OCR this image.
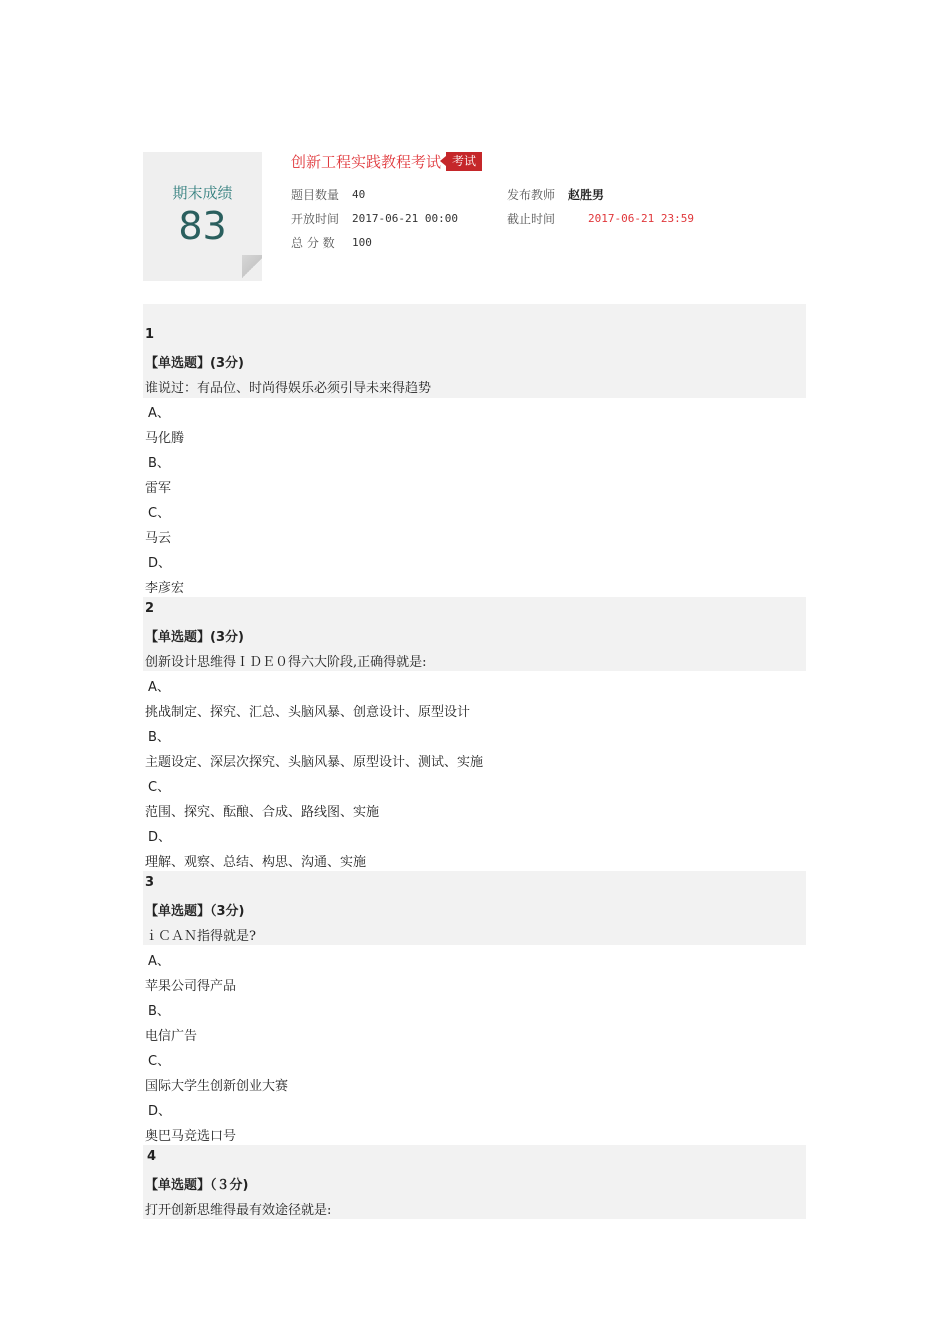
期末成绩
83
创新工程实践教程考试 考试
题目数量 40	发布教师 赵胜男
开放时间 2017-06-21 00:00	截止时间	2017-06-21 23:59
总 分 数 100
1
【单选题】(3分)
谁说过：有品位、时尚得娱乐必须引导未来得趋势
A、
马化腾
B、
雷军
C、
马云
D、
李彦宏
2
【单选题】(3分)
创新设计思维得ＩＤＥ０得六大阶段,正确得就是:
A、
挑战制定、探究、汇总、头脑风暴、创意设计、原型设计
B、
主题设定、深层次探究、头脑风暴、原型设计、测试、实施
C、
范围、探究、酝酿、合成、路线图、实施
D、
理解、观察、总结、构思、沟通、实施
3
【单选题】（3分)
ｉＣＡＮ指得就是?
A、
苹果公司得产品
B、
电信广告
C、
国际大学生创新创业大赛
D、
奥巴马竞选口号
4
【单选题】（３分)
打开创新思维得最有效途径就是:
